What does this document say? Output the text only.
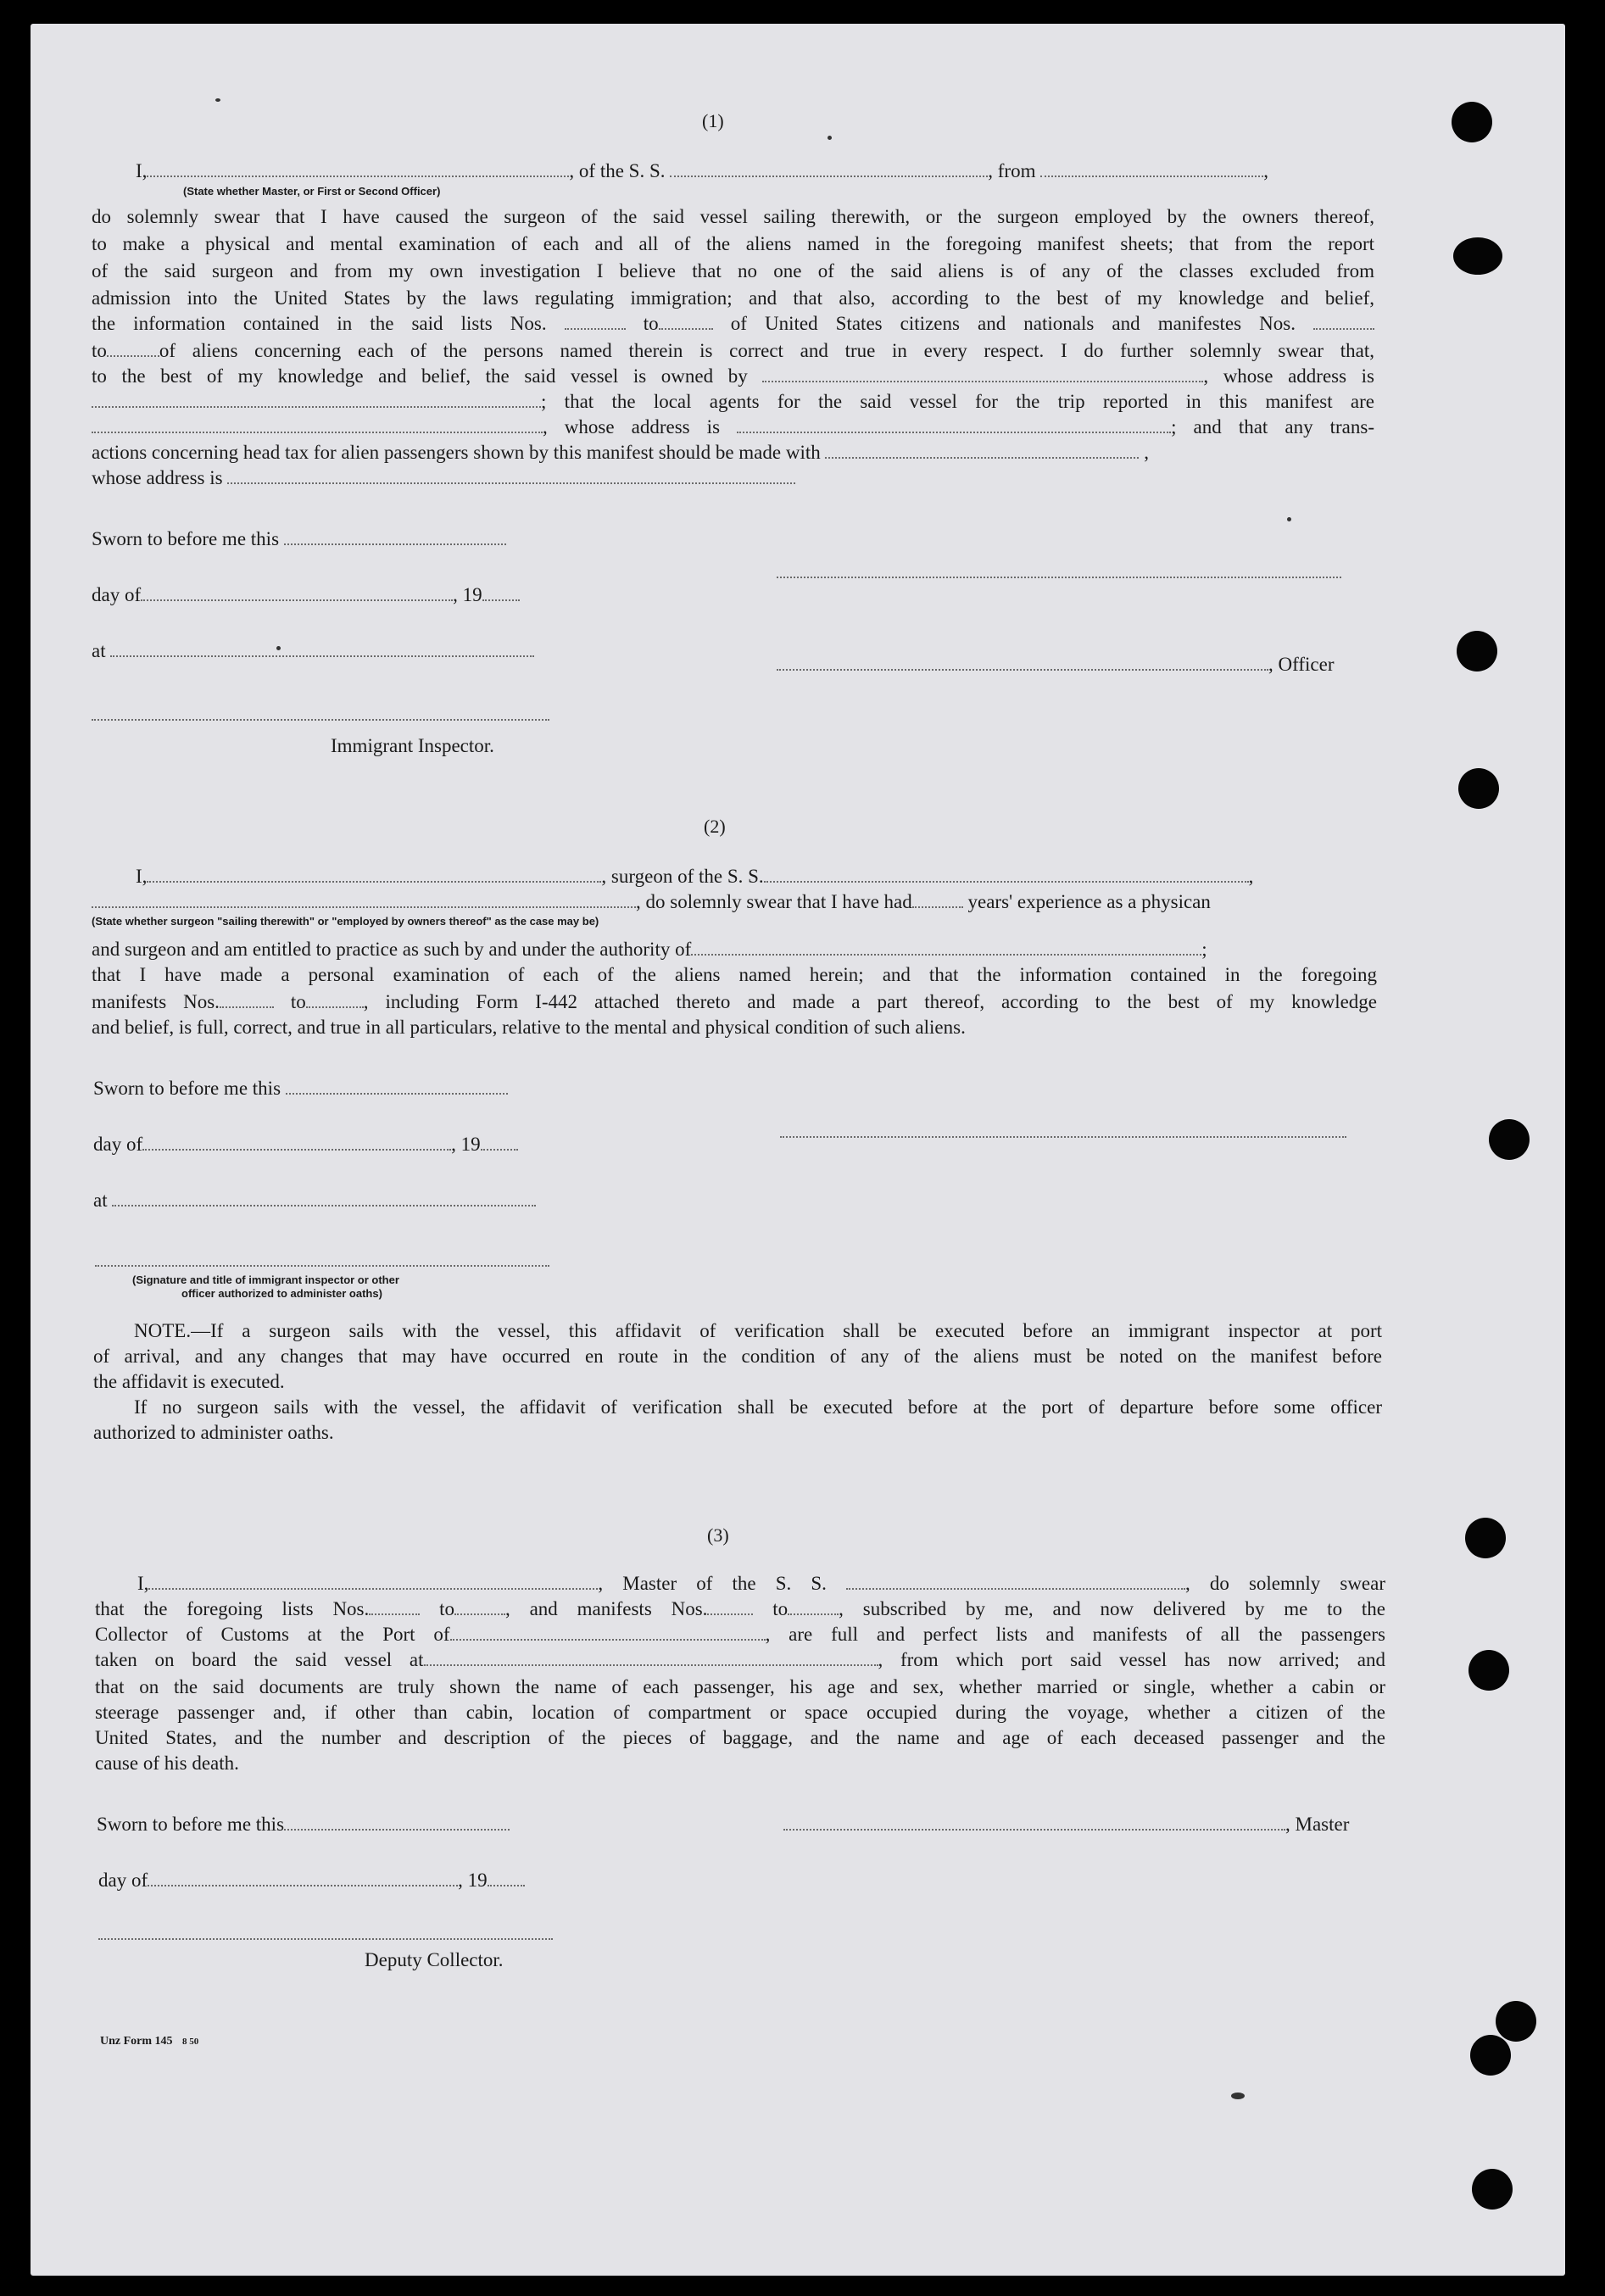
(1)
I,	, of the S. S.	, from	,
(State whether Master, or First or Second Officer)
do solemnly swear that I have caused the surgeon of the said vessel sailing therewith, or the surgeon employed by the owners thereof,
to make a physical and mental examination of each and all of the aliens named in the foregoing manifest sheets; that from the report
of the said surgeon and from my own investigation I believe that no one of the said aliens is of any of the classes excluded from
admission into the United States by the laws regulating immigration; and that also, according to the best of my knowledge and belief,
the information contained in the said lists Nos.	to	of United States citizens and nationals and manifestes Nos.
to	of aliens concerning each of the persons named therein is correct and true in every respect. I do further solemnly swear that,
to the best of my knowledge and belief, the said vessel is owned by	, whose address is
; that the local agents for the said vessel for the trip reported in this manifest are
, whose address is	; and that any trans-
actions concerning head tax for alien passengers shown by this manifest should be made with	,
whose address is
Sworn to before me this
day of	, 19
at
, Officer
Immigrant Inspector.
(2)
I,	, surgeon of the S. S.	,
, do solemnly swear that I have had	years' experience as a physican
(State whether surgeon "sailing therewith" or "employed by owners thereof" as the case may be)
and surgeon and am entitled to practice as such by and under the authority of	;
that I have made a personal examination of each of the aliens named herein; and that the information contained in the foregoing
manifests Nos.	to	, including Form I-442 attached thereto and made a part thereof, according to the best of my knowledge
and belief, is full, correct, and true in all particulars, relative to the mental and physical condition of such aliens.
Sworn to before me this
day of	, 19
at
(Signature and title of immigrant inspector or other
officer authorized to administer oaths)
NOTE.—If a surgeon sails with the vessel, this affidavit of verification shall be executed before an immigrant inspector at port
of arrival, and any changes that may have occurred en route in the condition of any of the aliens must be noted on the manifest before
the affidavit is executed.
If no surgeon sails with the vessel, the affidavit of verification shall be executed before at the port of departure before some officer
authorized to administer oaths.
(3)
I,	, Master of the S. S.	, do solemnly swear
that the foregoing lists Nos.	to	, and manifests Nos.	to	, subscribed by me, and now delivered by me to the
Collector of Customs at the Port of	, are full and perfect lists and manifests of all the passengers
taken on board the said vessel at	, from which port said vessel has now arrived; and
that on the said documents are truly shown the name of each passenger, his age and sex, whether married or single, whether a cabin or
steerage passenger and, if other than cabin, location of compartment or space occupied during the voyage, whether a citizen of the
United States, and the number and description of the pieces of baggage, and the name and age of each deceased passenger and the
cause of his death.
Sworn to before me this	, Master
day of	, 19
Deputy Collector.
Unz Form 145 8 50
